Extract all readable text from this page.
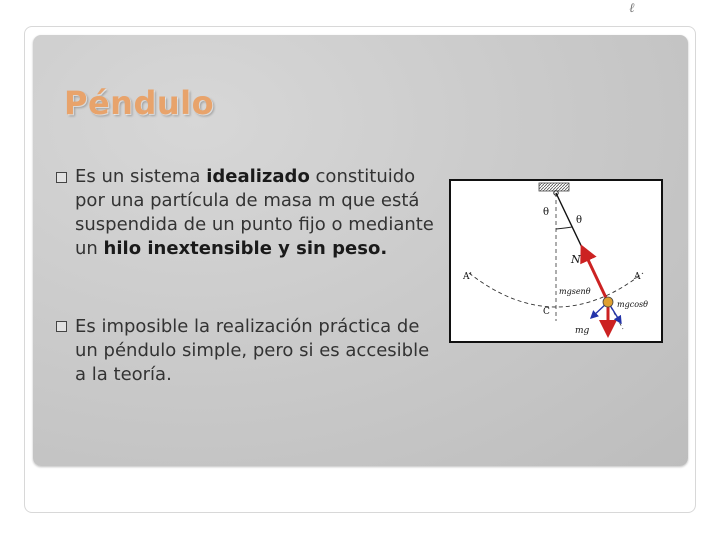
ℓ
Péndulo
Es un sistema idealizado constituido por una partícula de masa m que está suspendida de un punto fijo o mediante un hilo inextensible y sin peso.
Es imposible la realización práctica de un péndulo simple, pero si es accesible a la teoría.
θ
θ
N
A'	A
C
mgsenθ
mgcosθ
mg
